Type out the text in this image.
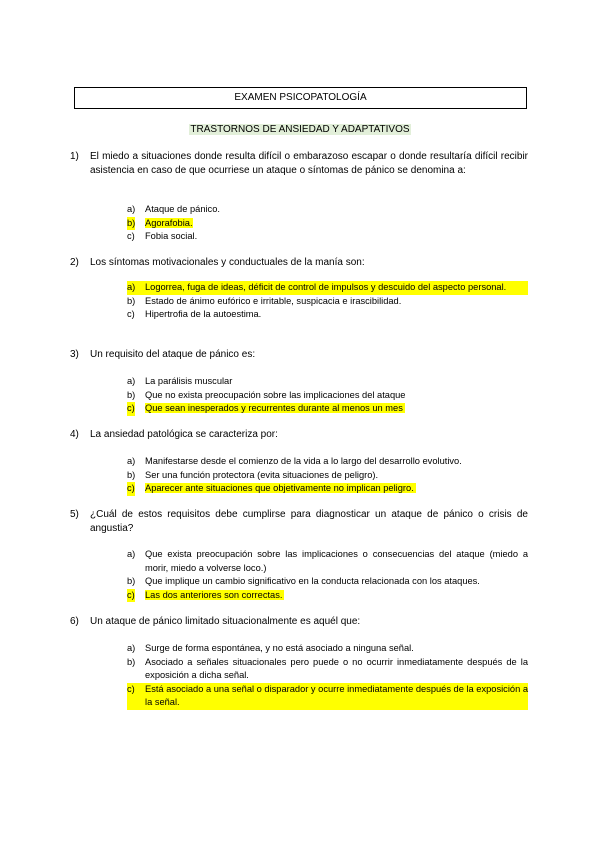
EXAMEN PSICOPATOLOGÍA
TRASTORNOS DE ANSIEDAD Y ADAPTATIVOS
1) El miedo a situaciones donde resulta difícil o embarazoso escapar o donde resultaría difícil recibir asistencia en caso de que ocurriese un ataque o síntomas de pánico se denomina a:
a) Ataque de pánico.
b) Agorafobia.
c) Fobia social.
2) Los síntomas motivacionales y conductuales de la manía son:
a) Logorrea, fuga de ideas, déficit de control de impulsos y descuido del aspecto personal.
b) Estado de ánimo eufórico e irritable, suspicacia e irascibilidad.
c) Hipertrofia de la autoestima.
3) Un requisito del ataque de pánico es:
a) La parálisis muscular
b) Que no exista preocupación sobre las implicaciones del ataque
c) Que sean inesperados y recurrentes durante al menos un mes
4) La ansiedad patológica se caracteriza por:
a) Manifestarse desde el comienzo de la vida a lo largo del desarrollo evolutivo.
b) Ser una función protectora (evita situaciones de peligro).
c) Aparecer ante situaciones que objetivamente no implican peligro.
5) ¿Cuál de estos requisitos debe cumplirse para diagnosticar un ataque de pánico o crisis de angustia?
a) Que exista preocupación sobre las implicaciones o consecuencias del ataque (miedo a morir, miedo a volverse loco.)
b) Que implique un cambio significativo en la conducta relacionada con los ataques.
c) Las dos anteriores son correctas.
6) Un ataque de pánico limitado situacionalmente es aquél que:
a) Surge de forma espontánea, y no está asociado a ninguna señal.
b) Asociado a señales situacionales pero puede o no ocurrir inmediatamente después de la exposición a dicha señal.
c) Está asociado a una señal o disparador y ocurre inmediatamente después de la exposición a la señal.
